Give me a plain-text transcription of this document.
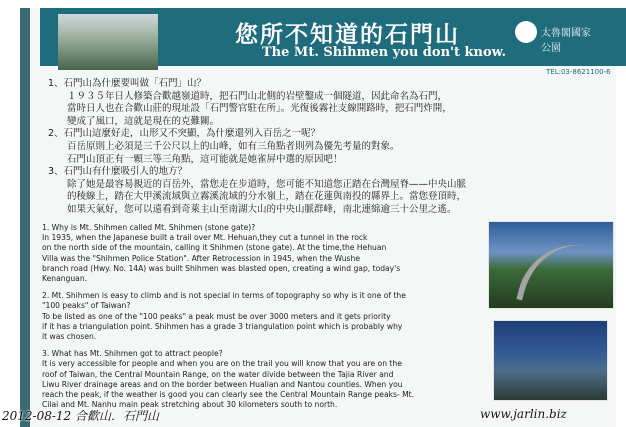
您所不知道的石門山
The Mt. Shihmen you don't know.
太魯閣國家公園
TEL:03-8621100-6

1、石門山為什麼要叫做「石門」山？

　　１９３５年日人修築合歡越嶺道時，把石門山北側的岩壁鑿成一個隧道，因此命名為石門，

　　當時日人也在合歡山莊的現址設「石門警官駐在所」。光復後霧社支線開路時，把石門炸開，

　　變成了風口，這就是現在的克難關。

2、石門山這麼好走，山形又不突顯，為什麼還列入百岳之一呢？

　　百岳原則上必須是三千公尺以上的山峰，如有三角點者則列為優先考量的對象。

　　石門山頂正有一顆三等三角點，這可能就是她雀屏中選的原因吧！

3、石門山有什麼吸引人的地方？

　　除了她是最容易親近的百岳外，當您走在步道時，您可能不知道您正踏在台灣屋脊——中央山脈

　　的稜線上，踏在大甲溪流域與立霧溪流域的分水嶺上，踏在花蓮與南投的縣界上。當您登頂時，

　　如果天氣好，您可以遠看到奇萊主山至南湖大山的中央山脈群峰，南北連綿逾三十公里之遙。

1. Why is Mt. Shihmen called Mt. Shihmen (stone gate)?

In 1935, when the Japanese built a trail over Mt. Hehuan,they cut a tunnel in the rock

on the north side of the mountain, calling it Shihmen (stone gate). At the time,the Hehuan

Villa was the "Shihmen Police Station". After Retrocession in 1945, when the Wushe

branch road (Hwy. No. 14A) was built Shihmen was blasted open, creating a wind gap, today's

Kenanguan.

2. Mt. Shihmen is easy to climb and is not special in terms of topography so why is it one of the

"100 peaks" of Taiwan?

To be listed as one of the "100 peaks" a peak must be over 3000 meters and it gets priority

if it has a triangulation point. Shihmen has a grade 3 triangulation point which is probably why

it was chosen.

3. What has Mt. Shihmen got to attract people?

It is very accessible for people and when you are on the trail you will know that you are on the

roof of Taiwan, the Central Mountain Range, on the water divide between the Tajia River and

Liwu River drainage areas and on the border between Hualian and Nantou counties. When you

reach the peak, if the weather is good you can clearly see the Central Mountain Range peaks- Mt.

Cilai and Mt. Nanhu main peak stretching about 30 kilometers south to north.

2012-08-12 合歡山．石門山	www.jarlin.biz
